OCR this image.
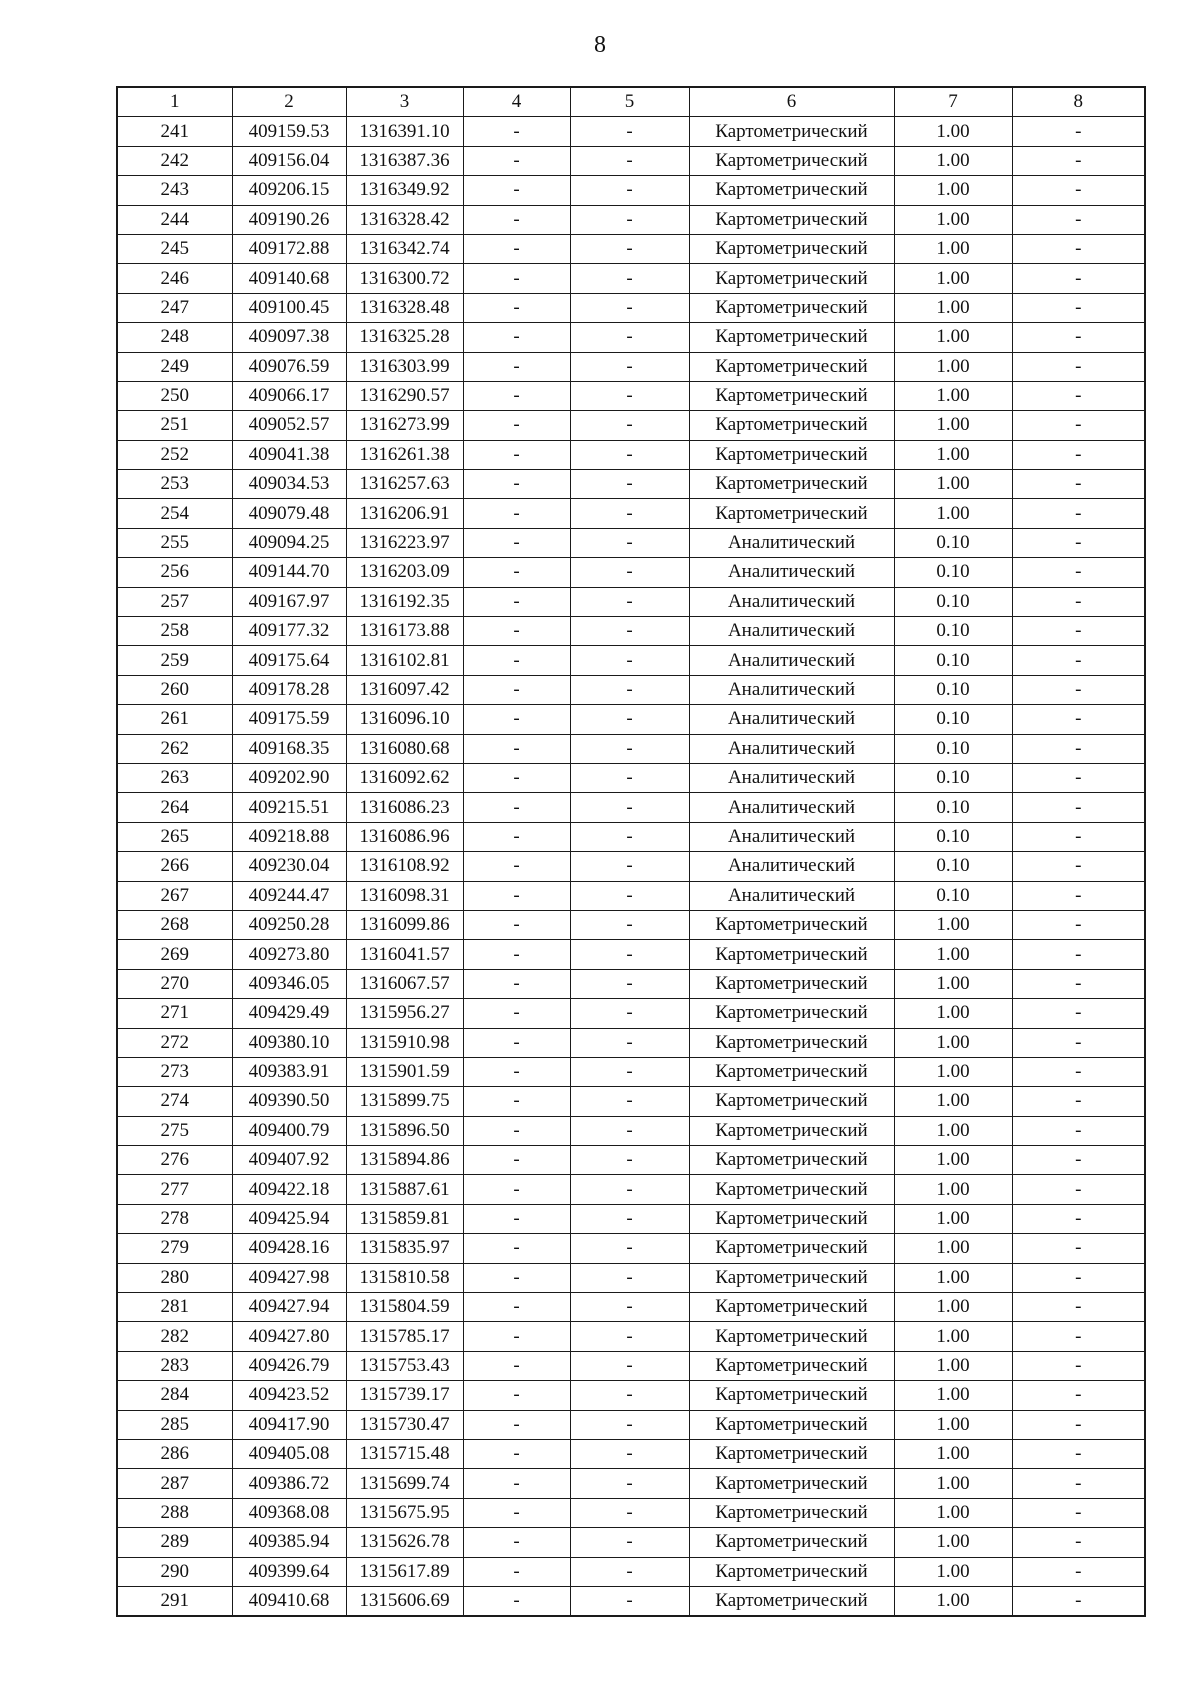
8
1	2	3	4	5	6	7	8
241	409159.53	1316391.10	-	-	Картометрический	1.00	-
242	409156.04	1316387.36	-	-	Картометрический	1.00	-
243	409206.15	1316349.92	-	-	Картометрический	1.00	-
244	409190.26	1316328.42	-	-	Картометрический	1.00	-
245	409172.88	1316342.74	-	-	Картометрический	1.00	-
246	409140.68	1316300.72	-	-	Картометрический	1.00	-
247	409100.45	1316328.48	-	-	Картометрический	1.00	-
248	409097.38	1316325.28	-	-	Картометрический	1.00	-
249	409076.59	1316303.99	-	-	Картометрический	1.00	-
250	409066.17	1316290.57	-	-	Картометрический	1.00	-
251	409052.57	1316273.99	-	-	Картометрический	1.00	-
252	409041.38	1316261.38	-	-	Картометрический	1.00	-
253	409034.53	1316257.63	-	-	Картометрический	1.00	-
254	409079.48	1316206.91	-	-	Картометрический	1.00	-
255	409094.25	1316223.97	-	-	Аналитический	0.10	-
256	409144.70	1316203.09	-	-	Аналитический	0.10	-
257	409167.97	1316192.35	-	-	Аналитический	0.10	-
258	409177.32	1316173.88	-	-	Аналитический	0.10	-
259	409175.64	1316102.81	-	-	Аналитический	0.10	-
260	409178.28	1316097.42	-	-	Аналитический	0.10	-
261	409175.59	1316096.10	-	-	Аналитический	0.10	-
262	409168.35	1316080.68	-	-	Аналитический	0.10	-
263	409202.90	1316092.62	-	-	Аналитический	0.10	-
264	409215.51	1316086.23	-	-	Аналитический	0.10	-
265	409218.88	1316086.96	-	-	Аналитический	0.10	-
266	409230.04	1316108.92	-	-	Аналитический	0.10	-
267	409244.47	1316098.31	-	-	Аналитический	0.10	-
268	409250.28	1316099.86	-	-	Картометрический	1.00	-
269	409273.80	1316041.57	-	-	Картометрический	1.00	-
270	409346.05	1316067.57	-	-	Картометрический	1.00	-
271	409429.49	1315956.27	-	-	Картометрический	1.00	-
272	409380.10	1315910.98	-	-	Картометрический	1.00	-
273	409383.91	1315901.59	-	-	Картометрический	1.00	-
274	409390.50	1315899.75	-	-	Картометрический	1.00	-
275	409400.79	1315896.50	-	-	Картометрический	1.00	-
276	409407.92	1315894.86	-	-	Картометрический	1.00	-
277	409422.18	1315887.61	-	-	Картометрический	1.00	-
278	409425.94	1315859.81	-	-	Картометрический	1.00	-
279	409428.16	1315835.97	-	-	Картометрический	1.00	-
280	409427.98	1315810.58	-	-	Картометрический	1.00	-
281	409427.94	1315804.59	-	-	Картометрический	1.00	-
282	409427.80	1315785.17	-	-	Картометрический	1.00	-
283	409426.79	1315753.43	-	-	Картометрический	1.00	-
284	409423.52	1315739.17	-	-	Картометрический	1.00	-
285	409417.90	1315730.47	-	-	Картометрический	1.00	-
286	409405.08	1315715.48	-	-	Картометрический	1.00	-
287	409386.72	1315699.74	-	-	Картометрический	1.00	-
288	409368.08	1315675.95	-	-	Картометрический	1.00	-
289	409385.94	1315626.78	-	-	Картометрический	1.00	-
290	409399.64	1315617.89	-	-	Картометрический	1.00	-
291	409410.68	1315606.69	-	-	Картометрический	1.00	-
